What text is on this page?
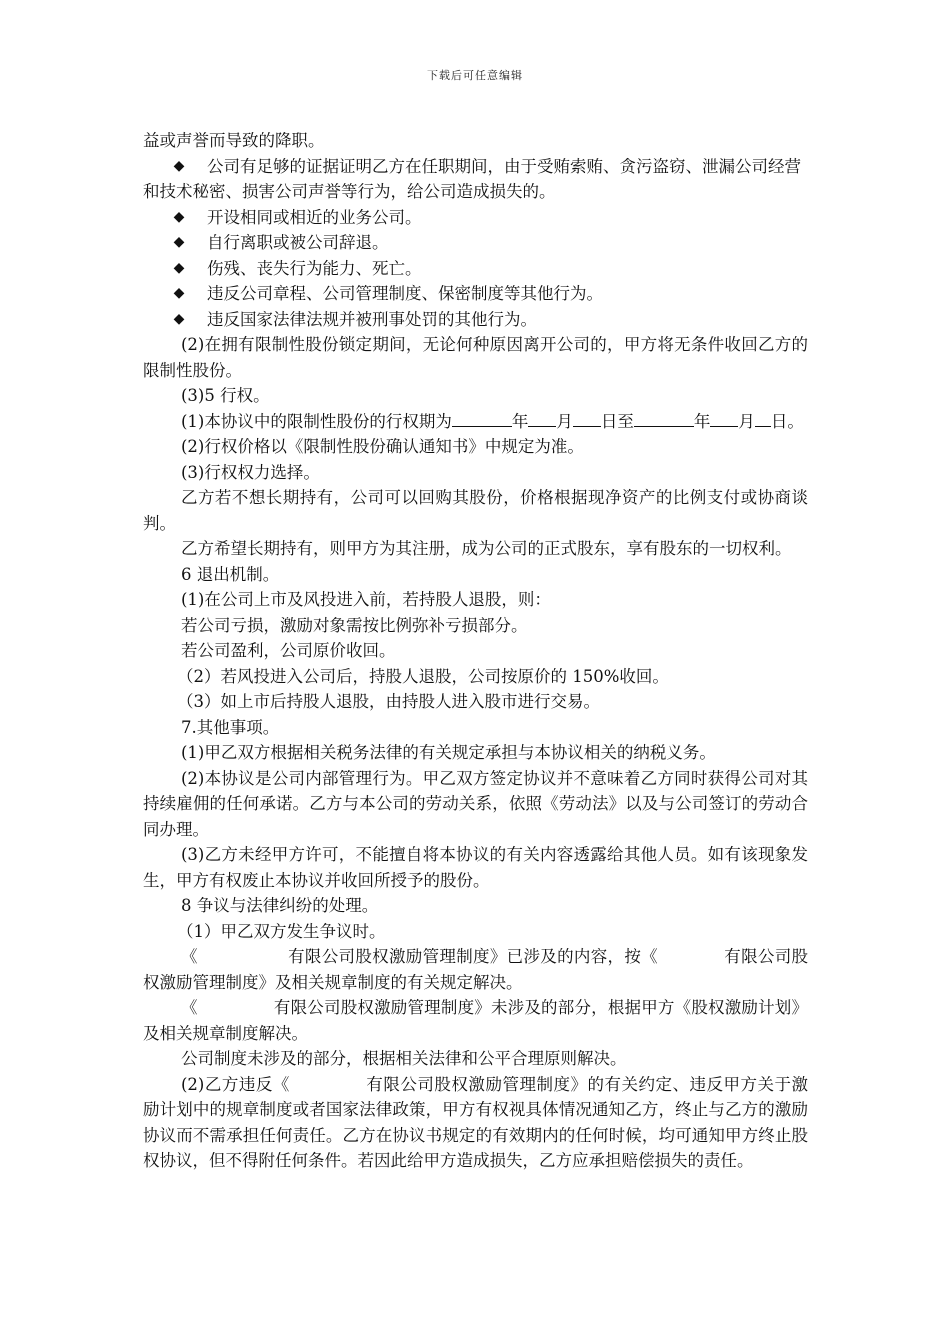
下载后可任意编辑

益或声誉而导致的降职。

◆	公司有足够的证据证明乙方在任职期间，由于受贿索贿、贪污盗窃、泄漏公司经营和技术秘密、损害公司声誉等行为，给公司造成损失的。
◆	开设相同或相近的业务公司。
◆	自行离职或被公司辞退。
◆	伤残、丧失行为能力、死亡。
◆	违反公司章程、公司管理制度、保密制度等其他行为。
◆	违反国家法律法规并被刑事处罚的其他行为。

(2)在拥有限制性股份锁定期间，无论何种原因离开公司的，甲方将无条件收回乙方的限制性股份。

(3)5 行权。

(1)本协议中的限制性股份的行权期为	年 月 日至	年 月 日。

(2)行权价格以《限制性股份确认通知书》中规定为准。

(3)行权权力选择。

乙方若不想长期持有，公司可以回购其股份，价格根据现净资产的比例支付或协商谈判。

乙方希望长期持有，则甲方为其注册，成为公司的正式股东，享有股东的一切权利。

6 退出机制。

(1)在公司上市及风投进入前，若持股人退股，则：

若公司亏损，激励对象需按比例弥补亏损部分。

若公司盈利，公司原价收回。

（2）若风投进入公司后，持股人退股，公司按原价的 150%收回。

（3）如上市后持股人退股，由持股人进入股市进行交易。

7.其他事项。

(1)甲乙双方根据相关税务法律的有关规定承担与本协议相关的纳税义务。

(2)本协议是公司内部管理行为。甲乙双方签定协议并不意味着乙方同时获得公司对其持续雇佣的任何承诺。乙方与本公司的劳动关系，依照《劳动法》以及与公司签订的劳动合同办理。

(3)乙方未经甲方许可，不能擅自将本协议的有关内容透露给其他人员。如有该现象发生，甲方有权废止本协议并收回所授予的股份。

8 争议与法律纠纷的处理。

（1）甲乙双方发生争议时。

《	有限公司股权激励管理制度》已涉及的内容，按《	有限公司股权激励管理制度》及相关规章制度的有关规定解决。

《	有限公司股权激励管理制度》未涉及的部分，根据甲方《股权激励计划》及相关规章制度解决。

公司制度未涉及的部分，根据相关法律和公平合理原则解决。

(2)乙方违反《	有限公司股权激励管理制度》的有关约定、违反甲方关于激励计划中的规章制度或者国家法律政策，甲方有权视具体情况通知乙方，终止与乙方的激励协议而不需承担任何责任。乙方在协议书规定的有效期内的任何时候，均可通知甲方终止股权协议，但不得附任何条件。若因此给甲方造成损失，乙方应承担赔偿损失的责任。
